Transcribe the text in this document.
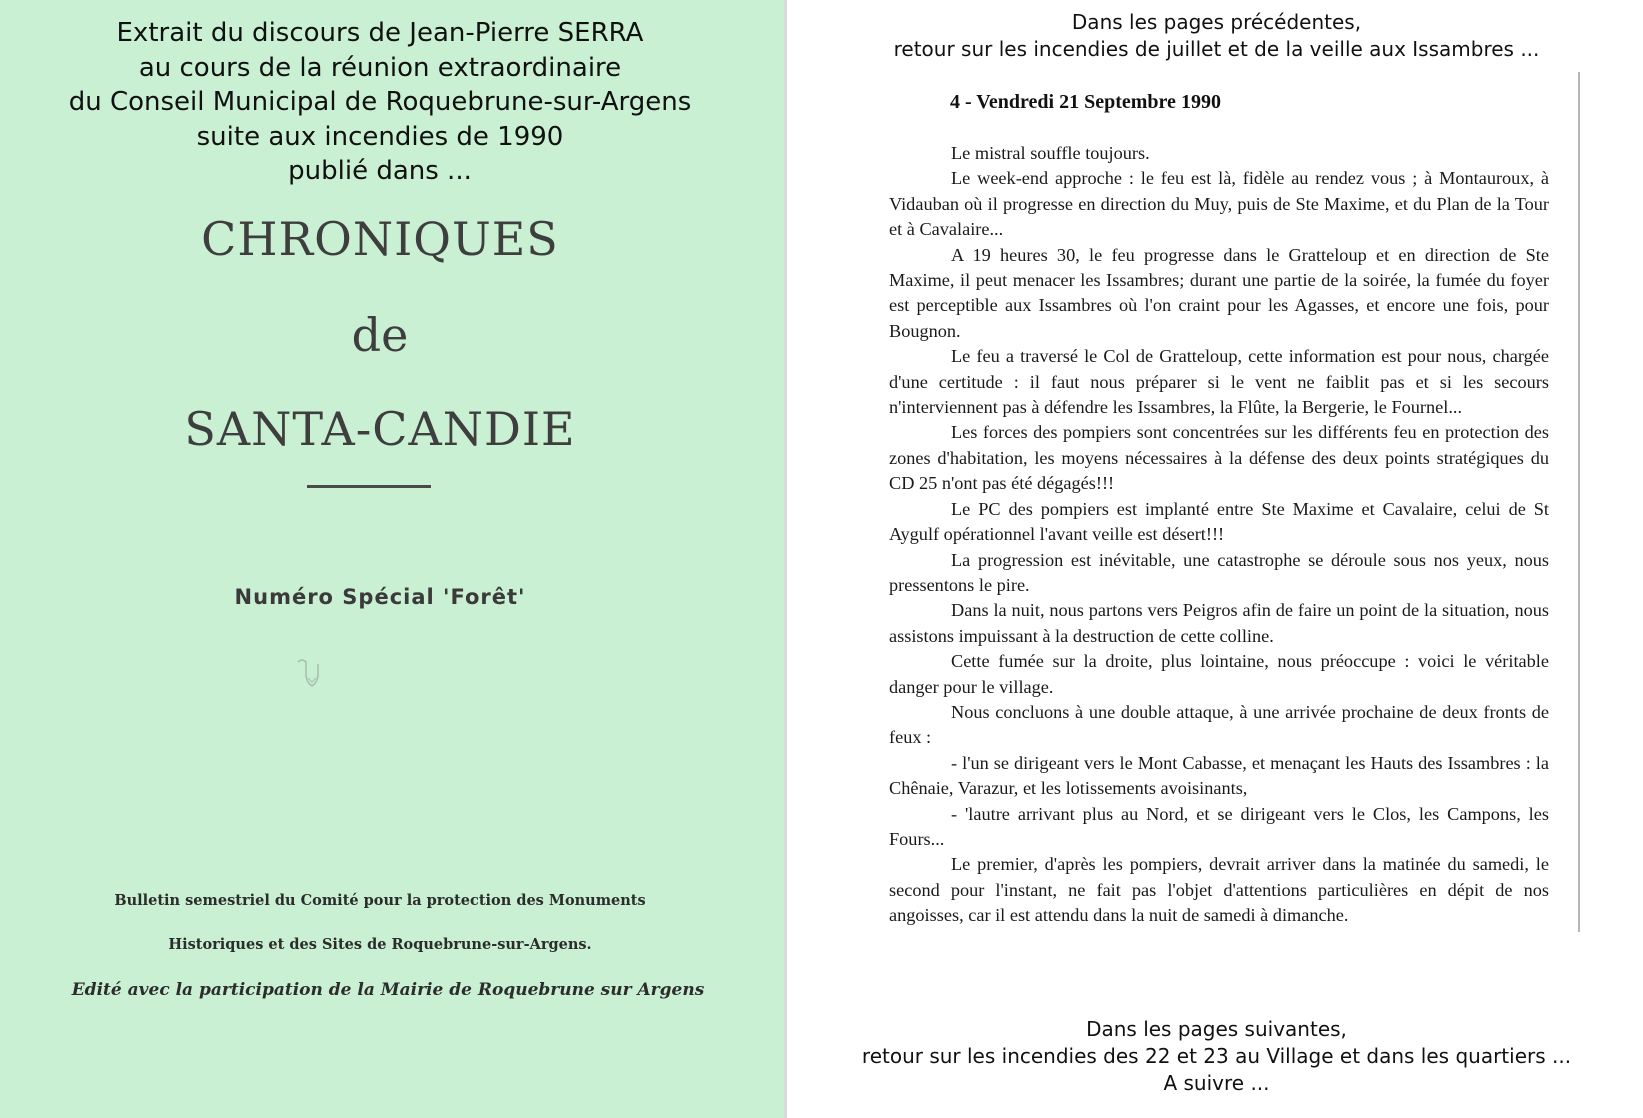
Extrait du discours de Jean-Pierre SERRA
au cours de la réunion extraordinaire
du Conseil Municipal de Roquebrune-sur-Argens
suite aux incendies de 1990
publié dans ...
CHRONIQUES
de
SANTA-CANDIE
Numéro Spécial 'Forêt'
Bulletin semestriel du Comité pour la protection des Monuments
Historiques et des Sites de Roquebrune-sur-Argens.
Edité avec la participation de la Mairie de Roquebrune sur Argens
Dans les pages précédentes,
retour sur les incendies de juillet et de la veille aux Issambres ...
4 - Vendredi 21 Septembre 1990

Le mistral souffle toujours.

Le week-end approche : le feu est là, fidèle au rendez vous ; à Montauroux, à Vidauban où il progresse en direction du Muy, puis de Ste Maxime, et du Plan de la Tour et à Cavalaire...

A 19 heures 30, le feu progresse dans le Gratteloup et en direction de Ste Maxime, il peut menacer les Issambres; durant une partie de la soirée, la fumée du foyer est perceptible aux Issambres où l'on craint pour les Agasses, et encore une fois, pour Bougnon.

Le feu a traversé le Col de Gratteloup, cette information est pour nous, chargée d'une certitude : il faut nous préparer si le vent ne faiblit pas et si les secours n'interviennent pas à défendre les Issambres, la Flûte, la Bergerie, le Fournel...

Les forces des pompiers sont concentrées sur les différents feu en protection des zones d'habitation, les moyens nécessaires à la défense des deux points stratégiques du CD 25 n'ont pas été dégagés!!!

Le PC des pompiers est implanté entre Ste Maxime et Cavalaire, celui de St Aygulf opérationnel l'avant veille est désert!!!

La progression est inévitable, une catastrophe se déroule sous nos yeux, nous pressentons le pire.

Dans la nuit, nous partons vers Peigros afin de faire un point de la situation, nous assistons impuissant à la destruction de cette colline.

Cette fumée sur la droite, plus lointaine, nous préoccupe : voici le véritable danger pour le village.

Nous concluons à une double attaque, à une arrivée prochaine de deux fronts de feux :

- l'un se dirigeant vers le Mont Cabasse, et menaçant les Hauts des Issambres : la Chênaie, Varazur, et les lotissements avoisinants,

- 'lautre arrivant plus au Nord, et se dirigeant vers le Clos, les Campons, les Fours...

Le premier, d'après les pompiers, devrait arriver dans la matinée du samedi, le second pour l'instant, ne fait pas l'objet d'attentions particulières en dépit de nos angoisses, car il est attendu dans la nuit de samedi à dimanche.

Dans les pages suivantes,
retour sur les incendies des 22 et 23 au Village et dans les quartiers ...
A suivre ...
